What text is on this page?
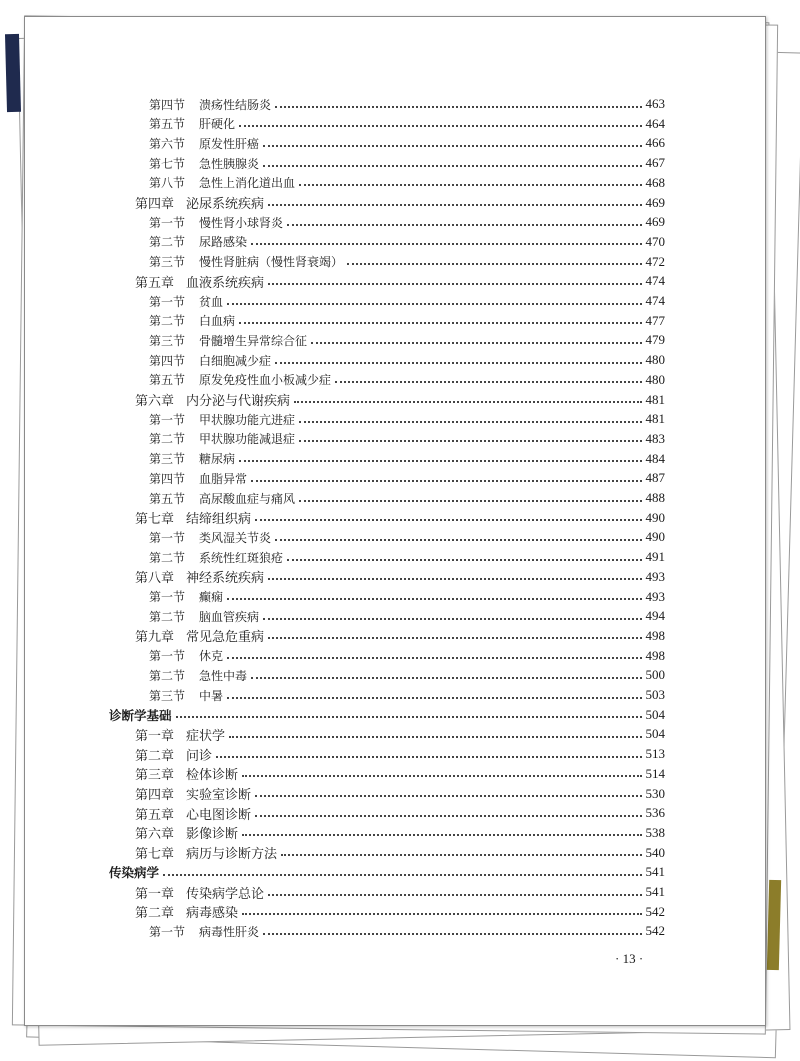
第四节 溃疡性结肠炎	463
第五节 肝硬化	464
第六节 原发性肝癌	466
第七节 急性胰腺炎	467
第八节 急性上消化道出血	468
第四章 泌尿系统疾病	469
第一节 慢性肾小球肾炎	469
第二节 尿路感染	470
第三节 慢性肾脏病（慢性肾衰竭）	472
第五章 血液系统疾病	474
第一节 贫血	474
第二节 白血病	477
第三节 骨髓增生异常综合征	479
第四节 白细胞减少症	480
第五节 原发免疫性血小板减少症	480
第六章 内分泌与代谢疾病	481
第一节 甲状腺功能亢进症	481
第二节 甲状腺功能减退症	483
第三节 糖尿病	484
第四节 血脂异常	487
第五节 高尿酸血症与痛风	488
第七章 结缔组织病	490
第一节 类风湿关节炎	490
第二节 系统性红斑狼疮	491
第八章 神经系统疾病	493
第一节 癫痫	493
第二节 脑血管疾病	494
第九章 常见急危重病	498
第一节 休克	498
第二节 急性中毒	500
第三节 中暑	503
诊断学基础	504
第一章 症状学	504
第二章 问诊	513
第三章 检体诊断	514
第四章 实验室诊断	530
第五章 心电图诊断	536
第六章 影像诊断	538
第七章 病历与诊断方法	540
传染病学	541
第一章 传染病学总论	541
第二章 病毒感染	542
第一节 病毒性肝炎	542
· 13 ·
